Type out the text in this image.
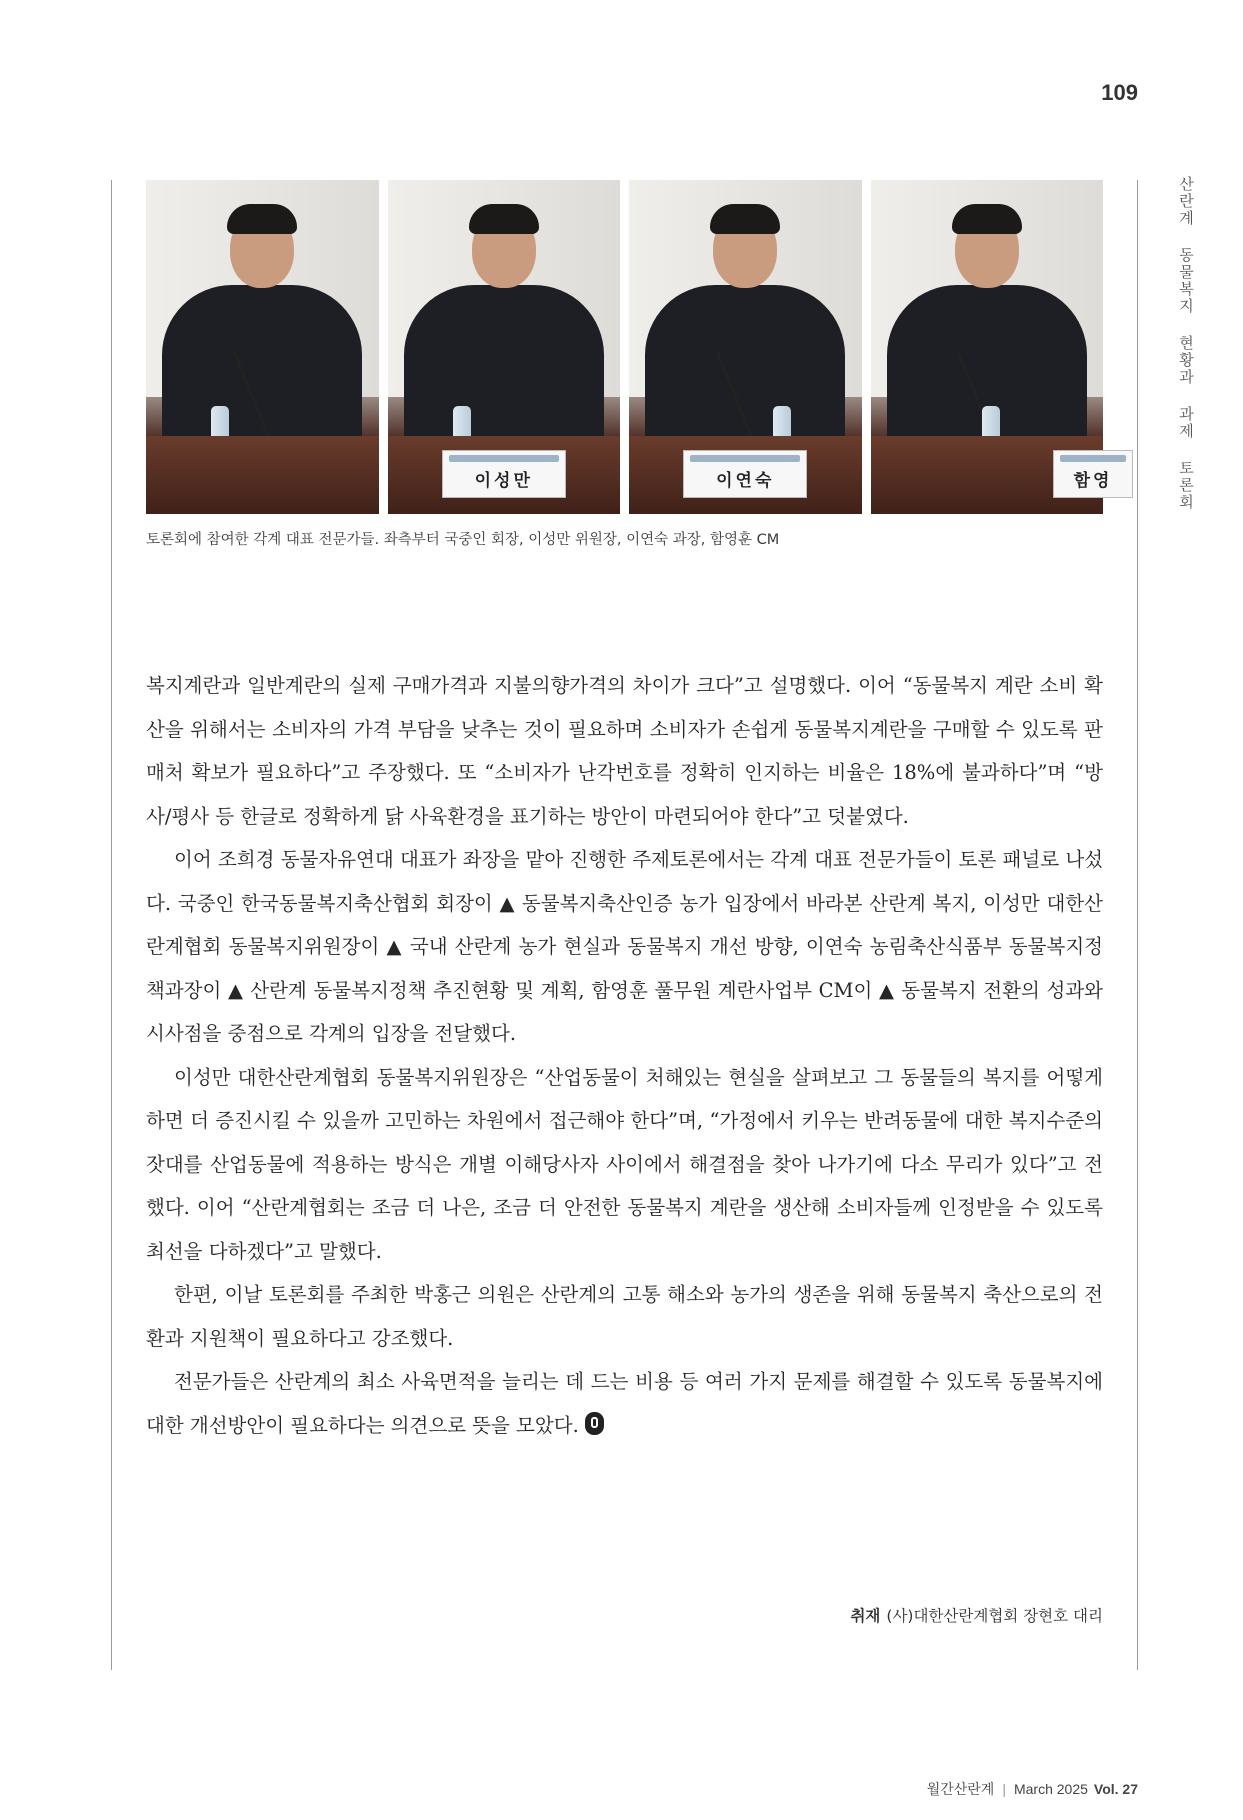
109
산란계 동물복지 현황과 과제 토론회
이성만	이연숙	함영
토론회에 참여한 각계 대표 전문가들. 좌측부터 국중인 회장, 이성만 위원장, 이연숙 과장, 함영훈 CM

복지계란과 일반계란의 실제 구매가격과 지불의향가격의 차이가 크다”고 설명했다. 이어 “동물복지 계란 소비 확산을 위해서는 소비자의 가격 부담을 낮추는 것이 필요하며 소비자가 손쉽게 동물복지계란을 구매할 수 있도록 판매처 확보가 필요하다”고 주장했다. 또 “소비자가 난각번호를 정확히 인지하는 비율은 18%에 불과하다”며 “방사/평사 등 한글로 정확하게 닭 사육환경을 표기하는 방안이 마련되어야 한다”고 덧붙였다.

이어 조희경 동물자유연대 대표가 좌장을 맡아 진행한 주제토론에서는 각계 대표 전문가들이 토론 패널로 나섰다. 국중인 한국동물복지축산협회 회장이 ▲ 동물복지축산인증 농가 입장에서 바라본 산란계 복지, 이성만 대한산란계협회 동물복지위원장이 ▲ 국내 산란계 농가 현실과 동물복지 개선 방향, 이연숙 농림축산식품부 동물복지정책과장이 ▲ 산란계 동물복지정책 추진현황 및 계획, 함영훈 풀무원 계란사업부 CM이 ▲ 동물복지 전환의 성과와 시사점을 중점으로 각계의 입장을 전달했다.

이성만 대한산란계협회 동물복지위원장은 “산업동물이 처해있는 현실을 살펴보고 그 동물들의 복지를 어떻게 하면 더 증진시킬 수 있을까 고민하는 차원에서 접근해야 한다”며, “가정에서 키우는 반려동물에 대한 복지수준의 잣대를 산업동물에 적용하는 방식은 개별 이해당사자 사이에서 해결점을 찾아 나가기에 다소 무리가 있다”고 전했다. 이어 “산란계협회는 조금 더 나은, 조금 더 안전한 동물복지 계란을 생산해 소비자들께 인정받을 수 있도록 최선을 다하겠다”고 말했다.

한편, 이날 토론회를 주최한 박홍근 의원은 산란계의 고통 해소와 농가의 생존을 위해 동물복지 축산으로의 전환과 지원책이 필요하다고 강조했다.

전문가들은 산란계의 최소 사육면적을 늘리는 데 드는 비용 등 여러 가지 문제를 해결할 수 있도록 동물복지에 대한 개선방안이 필요하다는 의견으로 뜻을 모았다.

취재 (사)대한산란계협회 장현호 대리
월간산란계 | March 2025 Vol. 27
